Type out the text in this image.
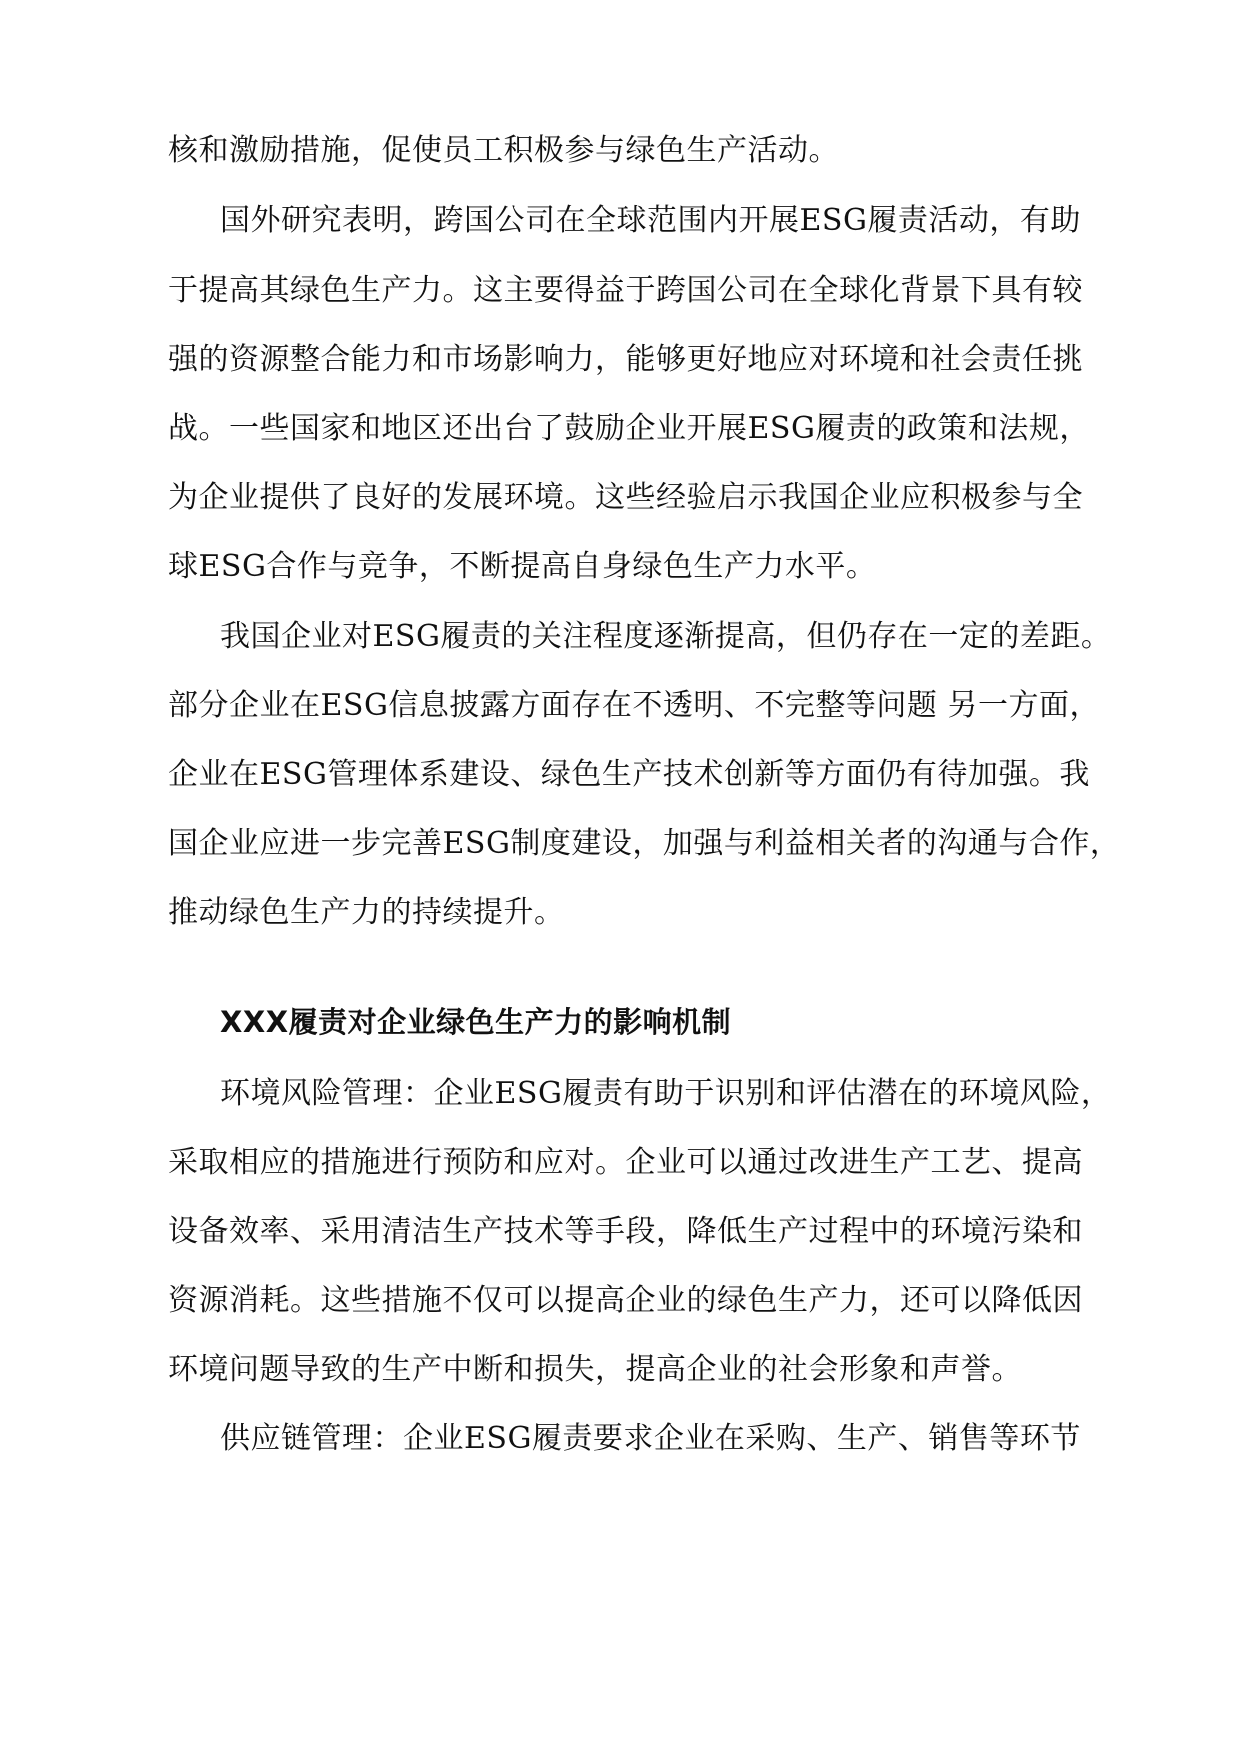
核和激励措施，促使员工积极参与绿色生产活动。
国外研究表明，跨国公司在全球范围内开展ESG履责活动，有助
于提高其绿色生产力。这主要得益于跨国公司在全球化背景下具有较
强的资源整合能力和市场影响力，能够更好地应对环境和社会责任挑
战。一些国家和地区还出台了鼓励企业开展ESG履责的政策和法规，
为企业提供了良好的发展环境。这些经验启示我国企业应积极参与全
球ESG合作与竞争，不断提高自身绿色生产力水平。
我国企业对ESG履责的关注程度逐渐提高，但仍存在一定的差距。
部分企业在ESG信息披露方面存在不透明、不完整等问题 另一方面，
企业在ESG管理体系建设、绿色生产技术创新等方面仍有待加强。我
国企业应进一步完善ESG制度建设，加强与利益相关者的沟通与合作，
推动绿色生产力的持续提升。
XXX履责对企业绿色生产力的影响机制
环境风险管理：企业ESG履责有助于识别和评估潜在的环境风险，
采取相应的措施进行预防和应对。企业可以通过改进生产工艺、提高
设备效率、采用清洁生产技术等手段，降低生产过程中的环境污染和
资源消耗。这些措施不仅可以提高企业的绿色生产力，还可以降低因
环境问题导致的生产中断和损失，提高企业的社会形象和声誉。
供应链管理：企业ESG履责要求企业在采购、生产、销售等环节
